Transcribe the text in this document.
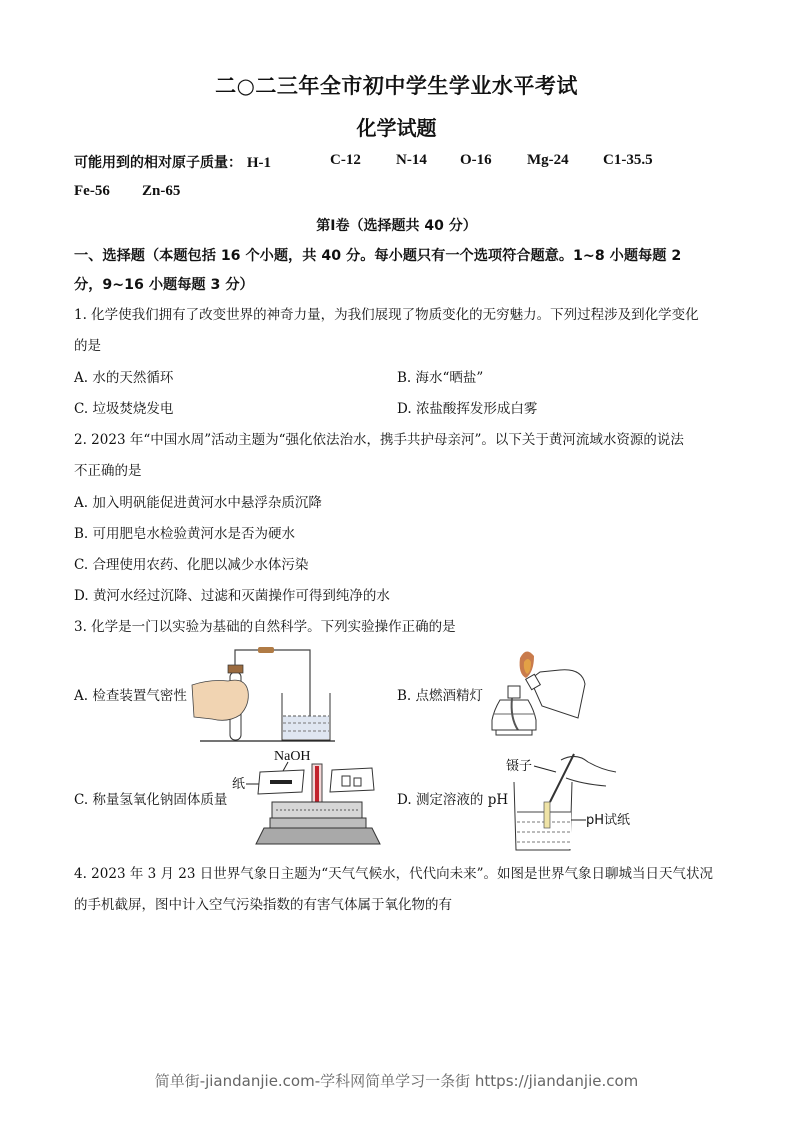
二○二三年全市初中学生学业水平考试
化学试题
可能用到的相对原子质量： H-1	C-12 N-14 O-16 Mg-24 C1-35.5
Fe-56 Zn-65
第I卷（选择题共 40 分）
一、选择题（本题包括 16 个小题，共 40 分。每小题只有一个选项符合题意。1~8 小题每题 2
分，9~16 小题每题 3 分）
1. 化学使我们拥有了改变世界的神奇力量，为我们展现了物质变化的无穷魅力。下列过程涉及到化学变化
的是
A. 水的天然循环	B. 海水“晒盐”
C. 垃圾焚烧发电	D. 浓盐酸挥发形成白雾
2. 2023 年“中国水周”活动主题为“强化依法治水，携手共护母亲河”。以下关于黄河流域水资源的说法
不正确的是
A. 加入明矾能促进黄河水中悬浮杂质沉降
B. 可用肥皂水检验黄河水是否为硬水
C. 合理使用农药、化肥以减少水体污染
D. 黄河水经过沉降、过滤和灭菌操作可得到纯净的水
3. 化学是一门以实验为基础的自然科学。下列实验操作正确的是
A. 检查装置气密性	B. 点燃酒精灯
C. 称量氢氧化钠固体质量	D. 测定溶液的 pH
NaOH
纸
镊子
pH试纸
4. 2023 年 3 月 23 日世界气象日主题为“天气气候水，代代向未来”。如图是世界气象日聊城当日天气状况
的手机截屏，图中计入空气污染指数的有害气体属于氧化物的有
简单街-jiandanjie.com-学科网简单学习一条街 https://jiandanjie.com
